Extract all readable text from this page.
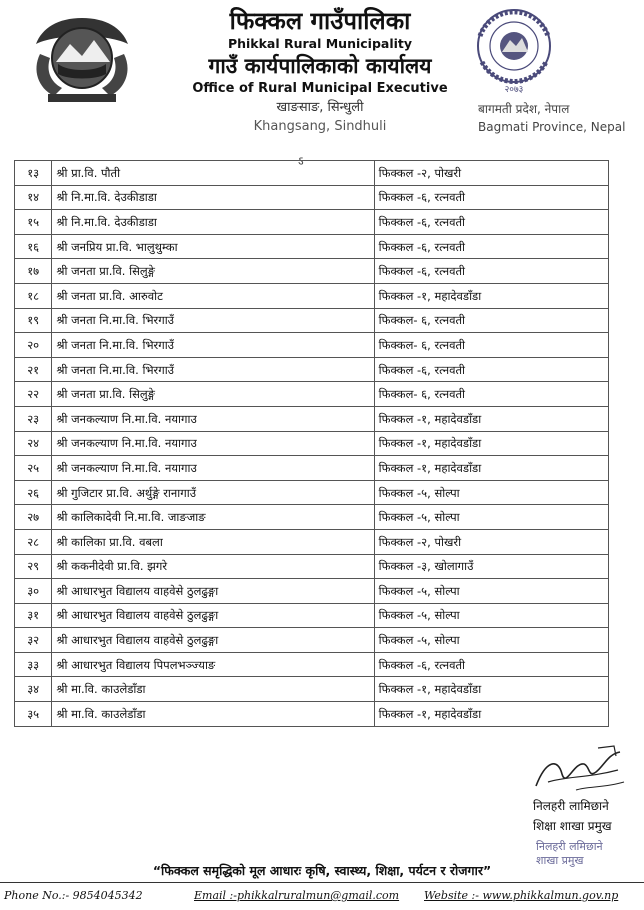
२०७३
फिक्कल गाउँपालिका
Phikkal Rural Municipality
गाउँ कार्यपालिकाको कार्यालय
Office of Rural Municipal Executive
खाङसाङ, सिन्धुली
Khangsang, Sindhuli
बागमती प्रदेश, नेपाल
Bagmati Province, Nepal
ऽ
१३	श्री प्रा.वि. पौती	फिक्कल -२, पोखरी
१४	श्री नि.मा.वि. देउकीडाडा	फिक्कल -६, रत्नवती
१५	श्री नि.मा.वि. देउकीडाडा	फिक्कल -६, रत्नवती
१६	श्री जनप्रिय प्रा.वि. भालुथुम्का	फिक्कल -६, रत्नवती
१७	श्री जनता प्रा.वि. सिलुङ्गे	फिक्कल -६, रत्नवती
१८	श्री जनता प्रा.वि. आरुवोट	फिक्कल -१, महादेवडाँडा
१९	श्री जनता नि.मा.वि. भिरगाउँ	फिक्कल- ६, रत्नवती
२०	श्री जनता नि.मा.वि. भिरगाउँ	फिक्कल- ६, रत्नवती
२१	श्री जनता नि.मा.वि. भिरगाउँ	फिक्कल -६, रत्नवती
२२	श्री जनता प्रा.वि. सिलुङ्गे	फिक्कल- ६, रत्नवती
२३	श्री जनकल्याण नि.मा.वि. नयागाउ	फिक्कल -१, महादेवडाँडा
२४	श्री जनकल्याण नि.मा.वि. नयागाउ	फिक्कल -१, महादेवडाँडा
२५	श्री जनकल्याण नि.मा.वि. नयागाउ	फिक्कल -१, महादेवडाँडा
२६	श्री गुजिटार प्रा.वि. अर्थुङ्गे रानागाउँ	फिक्कल -५, सोल्पा
२७	श्री कालिकादेवी नि.मा.वि. जाङजाङ	फिक्कल -५, सोल्पा
२८	श्री कालिका प्रा.वि. वबला	फिक्कल -२, पोखरी
२९	श्री ककनीदेवी प्रा.वि. झगरे	फिक्कल -३, खोलागाउँ
३०	श्री आधारभुत विद्यालय वाहवेसे ठुलढुङ्गा	फिक्कल -५, सोल्पा
३१	श्री आधारभुत विद्यालय वाहवेसे ठुलढुङ्गा	फिक्कल -५, सोल्पा
३२	श्री आधारभुत विद्यालय वाहवेसे ठुलढुङ्गा	फिक्कल -५, सोल्पा
३३	श्री आधारभुत विद्यालय पिपलभञ्ज्याङ	फिक्कल -६, रत्नवती
३४	श्री मा.वि. काउलेडाँडा	फिक्कल -१, महादेवडाँडा
३५	श्री मा.वि. काउलेडाँडा	फिक्कल -१, महादेवडाँडा
निलहरी लामिछाने
शिक्षा शाखा प्रमुख
निलहरी लमिछाने
शाखा प्रमुख
“फिक्कल समृद्धिको मूल आधारः कृषि, स्वास्थ्य, शिक्षा, पर्यटन र रोजगार”
Phone No.:- 9854045342	Email :-phikkalruralmun@gmail.com Website :- www.phikkalmun.gov.np
